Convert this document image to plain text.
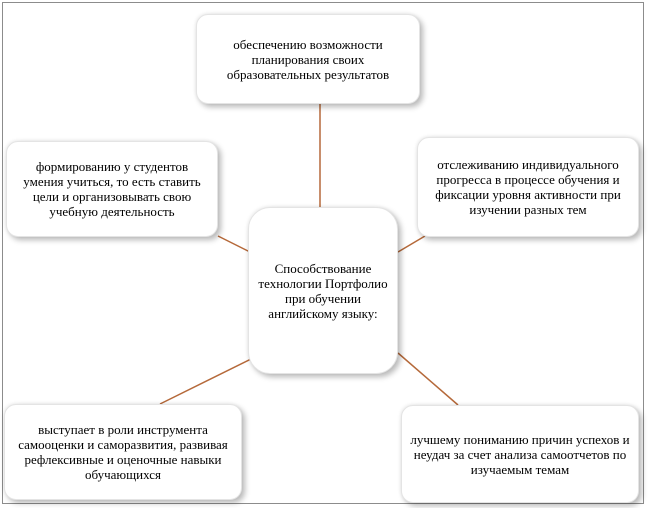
обеспечению возможности планирования своих образовательных результатов
формированию у студентов умения учиться, то есть ставить цели и организовывать свою учебную деятельность
отслеживанию индивидуального прогресса в процессе обучения и фиксации уровня активности при изучении разных тем
Способствование технологии Портфолио при обучении английскому языку:
выступает в роли инструмента самооценки и саморазвития, развивая рефлексивные и оценочные навыки обучающихся
лучшему пониманию причин успехов и неудач за счет анализа самоотчетов по изучаемым темам
